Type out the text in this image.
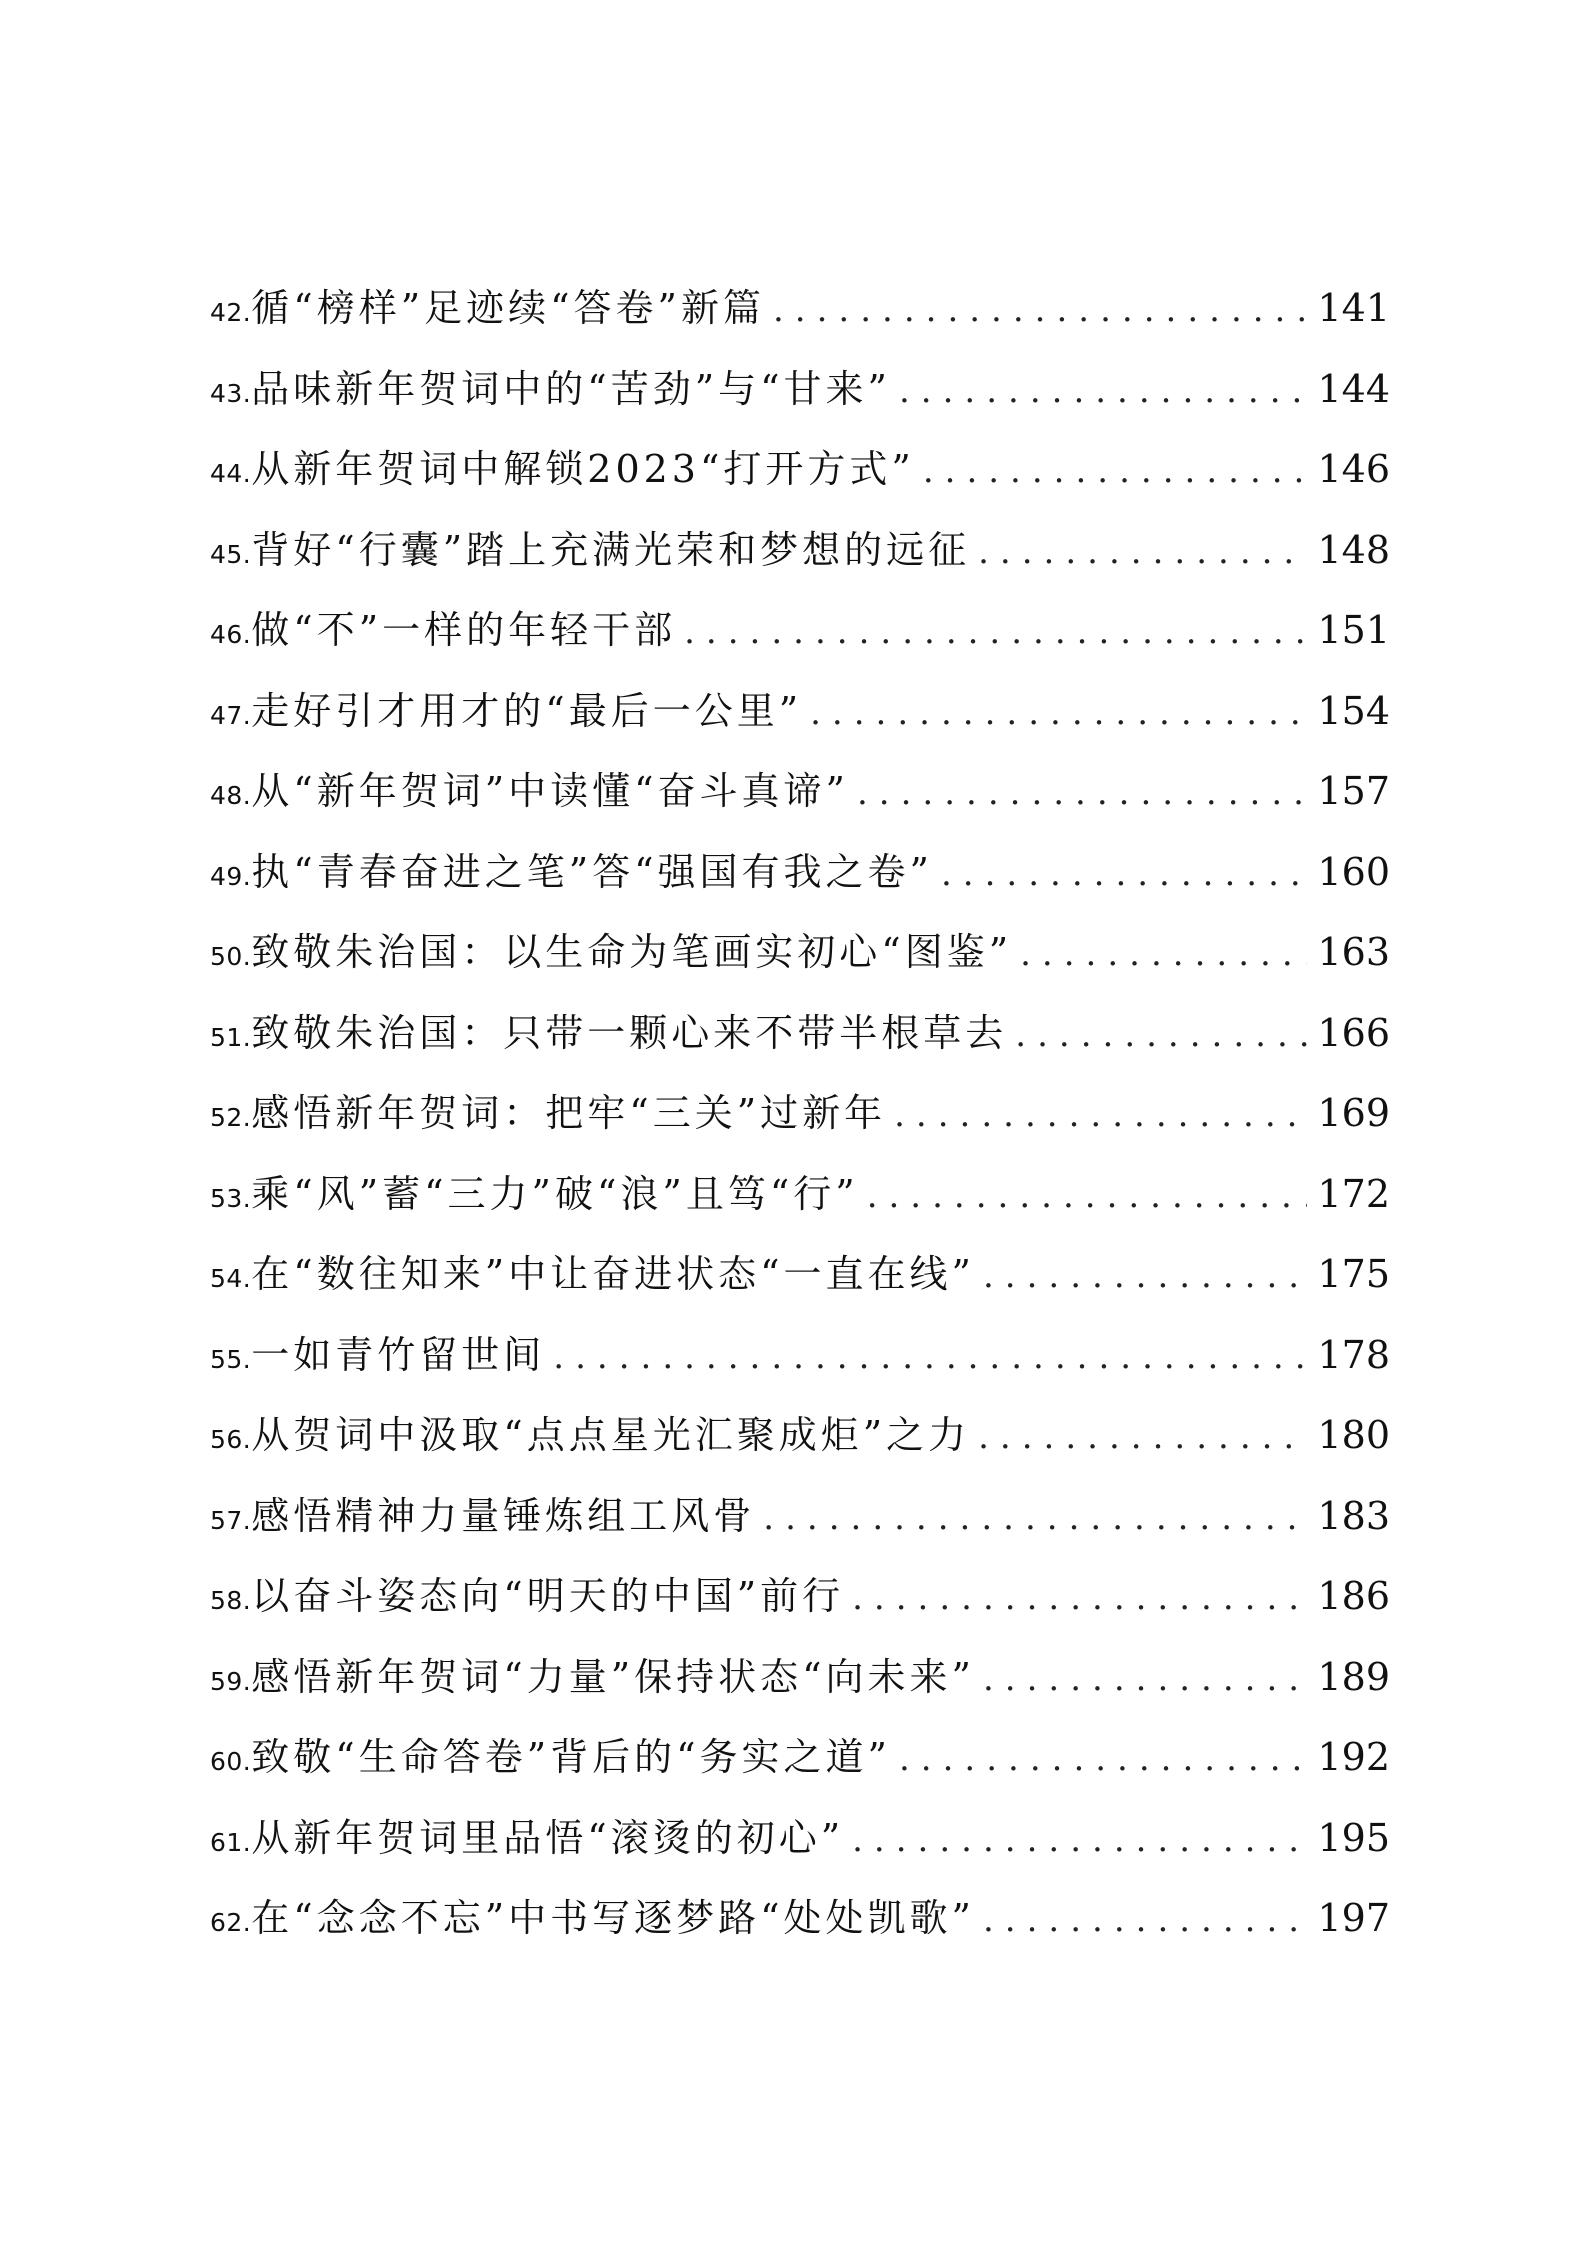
42. 循“榜样”足迹续“答卷”新篇 .....	141
43. 品味新年贺词中的“苦劲”与“甘来” .....	144
44. 从新年贺词中解锁2023“打开方式” .....	146
45. 背好“行囊”踏上充满光荣和梦想的远征 .....	148
46. 做“不”一样的年轻干部 .....	151
47. 走好引才用才的“最后一公里” .....	154
48. 从“新年贺词”中读懂“奋斗真谛” .....	157
49. 执“青春奋进之笔”答“强国有我之卷” .....	160
50. 致敬朱治国：以生命为笔画实初心“图鉴” .....	163
51. 致敬朱治国：只带一颗心来不带半根草去 .....	166
52. 感悟新年贺词：把牢“三关”过新年 .....	169
53. 乘“风”蓄“三力”破“浪”且笃“行” .....	172
54. 在“数往知来”中让奋进状态“一直在线” .....	175
55. 一如青竹留世间 .....	178
56. 从贺词中汲取“点点星光汇聚成炬”之力 .....	180
57. 感悟精神力量锤炼组工风骨 .....	183
58. 以奋斗姿态向“明天的中国”前行 .....	186
59. 感悟新年贺词“力量”保持状态“向未来” .....	189
60. 致敬“生命答卷”背后的“务实之道” .....	192
61. 从新年贺词里品悟“滚烫的初心” .....	195
62. 在“念念不忘”中书写逐梦路“处处凯歌” .....	197
